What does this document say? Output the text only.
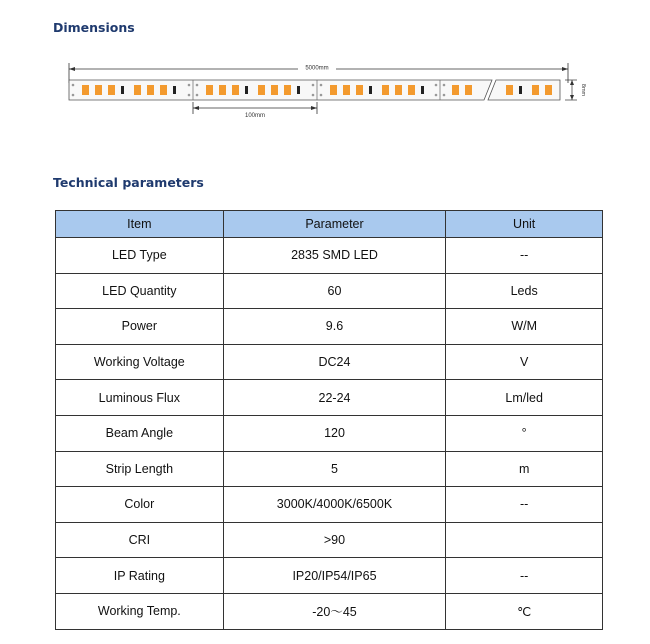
Dimensions
5000mm
8mm
100mm
Technical parameters
Item	Parameter	Unit
LED Type	2835 SMD LED	--
LED Quantity	60	Leds
Power	9.6	W/M
Working Voltage	DC24	V
Luminous Flux	22-24	Lm/led
Beam Angle	120	°
Strip Length	5	m
Color	3000K/4000K/6500K	--
CRI	>90	
IP Rating	IP20/IP54/IP65	--
Working Temp.	-20～45	℃
